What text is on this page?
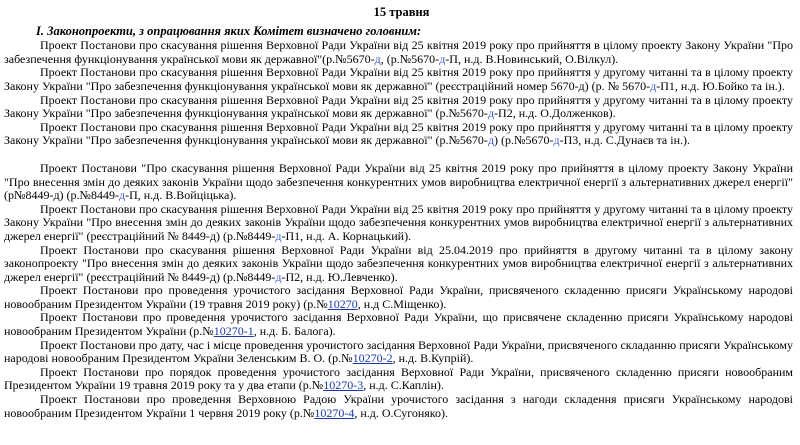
15 травня
І. Законопроекти, з опрацювання яких Комітет визначено головним:

Проект Постанови про скасування рішення Верховної Ради України від 25 квітня 2019 року про прийняття в цілому проекту Закону України "Про забезпечення функціонування української мови як державної"(р.№5670-д, (р.№5670-д-П, н.д. В.Новинський, О.Вілкул).

Проект Постанови про скасування рішення Верховної Ради України від 25 квітня 2019 року про прийняття у другому читанні та в цілому проекту Закону України "Про забезпечення функціонування української мови як державної" (реєстраційний номер 5670-д) (р. № 5670-д-П1, н.д. Ю.Бойко та ін.).

Проект Постанови про скасування рішення Верховної Ради України від 25 квітня 2019 року про прийняття у другому читанні та в цілому проекту Закону України "Про забезпечення функціонування української мови як державної" (р.№5670-д-П2, н.д. О.Долженков).

Проект Постанови про скасування рішення Верховної Ради України від 25 квітня 2019 року про прийняття у другому читанні та в цілому проекту Закону України "Про забезпечення функціонування української мови як державної" (р.№5670-д) (р.№5670-д-П3, н.д. С.Дунаєв та ін.).

Проект Постанови "Про скасування рішення Верховної Ради України від 25 квітня 2019 року про прийняття в цілому проекту Закону України "Про внесення змін до деяких законів України щодо забезпечення конкурентних умов виробництва електричної енергії з альтернативних джерел енергії" (р№8449-д) (р.№8449-д-П, н.д. В.Войціцька).

Проект Постанови про скасування рішення Верховної Ради України від 25 квітня 2019 року про прийняття у другому читанні та в цілому проекту Закону України "Про внесення змін до деяких законів України щодо забезпечення конкурентних умов виробництва електричної енергії з альтернативних джерел енергії" (реєстраційний № 8449-д) (р.№8449-д-П1, н.д. А. Корнацький).

Проект Постанови про скасування рішення Верховної Ради України від 25.04.2019 про прийняття в другому читанні та в цілому закону законопроекту "Про внесення змін до деяких законів України щодо забезпечення конкурентних умов виробництва електричної енергії з альтернативних джерел енергії" (реєстраційний № 8449-д) (р.№8449-д-П2, н.д. Ю.Левченко).

Проект Постанови про проведення урочистого засідання Верховної Ради України, присвяченого складенню присяги Українському народові новообраним Президентом України (19 травня 2019 року) (р.№10270, н.д С.Міщенко).

Проект Постанови про проведення урочистого засідання Верховної Ради України, що присвячене складенню присяги Українському народові новообраним Президентом України (р.№10270-1, н.д. Б. Балога).

Проект Постанови про дату, час і місце проведення урочистого засідання Верховної Ради України, присвяченого складанню присяги Українському народові новообраним Президентом України Зеленським В. О. (р.№10270-2, н.д. В.Купрій).

Проект Постанови про порядок проведення урочистого засідання Верховної Ради України, присвяченого складенню присяги новообраним Президентом України 19 травня 2019 року та у два етапи (р.№10270-3, н.д. С.Каплін).

Проект Постанови про проведення Верховною Радою України урочистого засідання з нагоди складення присяги Українському народові новообраним Президентом України 1 червня 2019 року (р.№10270-4, н.д. О.Сугоняко).
